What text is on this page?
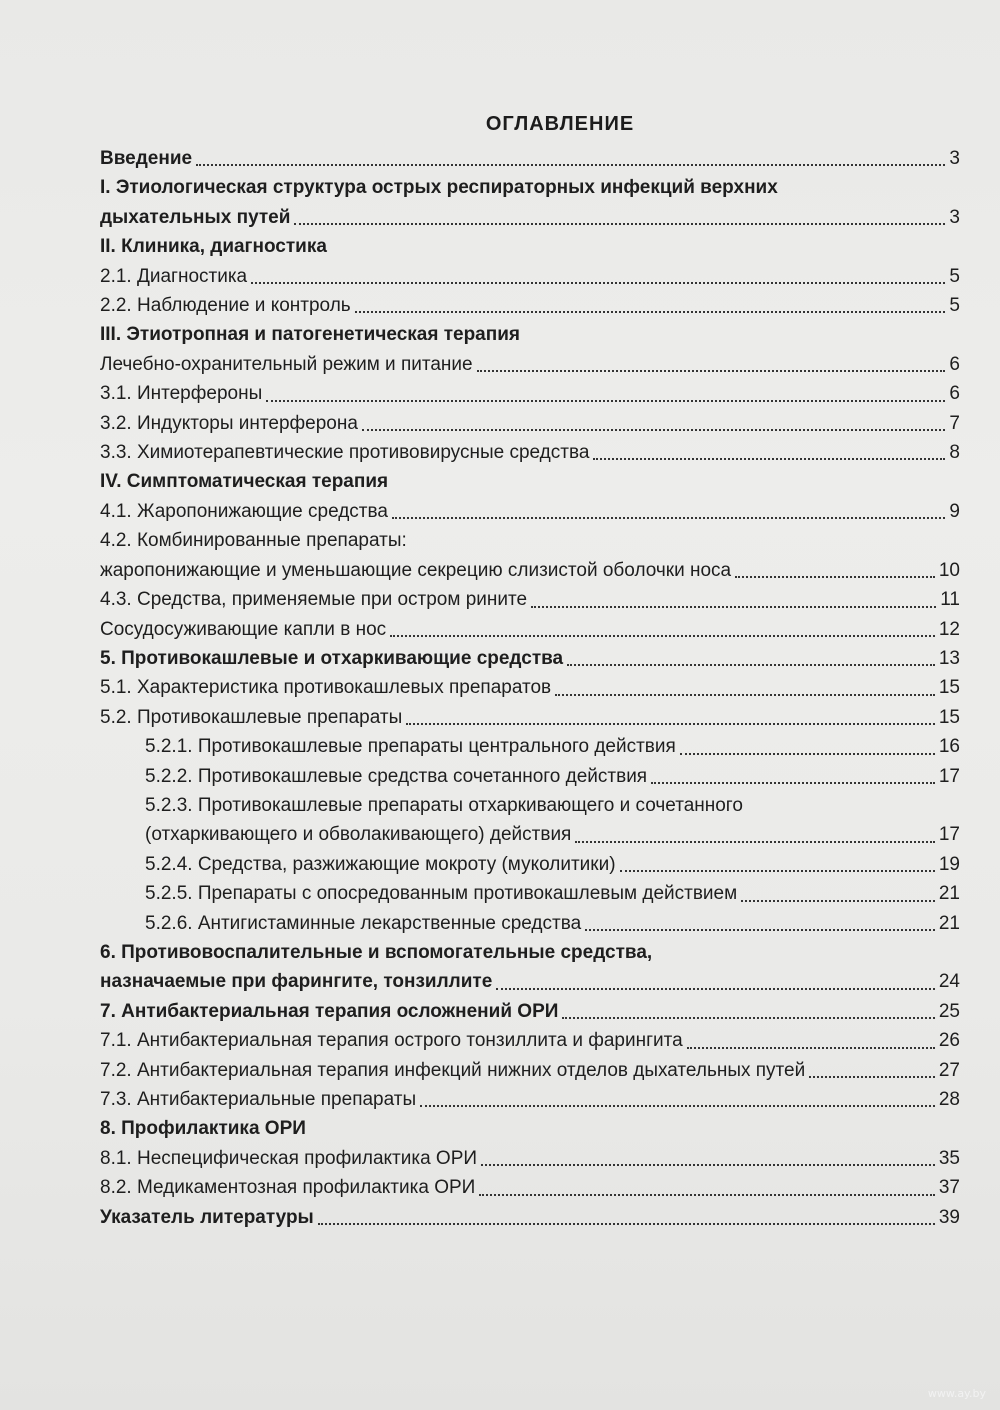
ОГЛАВЛЕНИЕ
Введение	3
I. Этиологическая структура острых респираторных инфекций верхних
дыхательных путей	3
II. Клиника, диагностика
2.1. Диагностика	5
2.2. Наблюдение и контроль	5
III. Этиотропная и патогенетическая терапия
Лечебно-охранительный режим и питание	6
3.1. Интерфероны	6
3.2. Индукторы интерферона	7
3.3. Химиотерапевтические противовирусные средства	8
IV. Симптоматическая терапия
4.1. Жаропонижающие средства	9
4.2. Комбинированные препараты:
жаропонижающие и уменьшающие секрецию слизистой оболочки носа	10
4.3. Средства, применяемые при остром рините	11
Сосудосуживающие капли в нос	12
5. Противокашлевые и отхаркивающие средства	13
5.1. Характеристика противокашлевых препаратов	15
5.2. Противокашлевые препараты	15
5.2.1. Противокашлевые препараты центрального действия	16
5.2.2. Противокашлевые средства сочетанного действия	17
5.2.3. Противокашлевые препараты отхаркивающего и сочетанного
(отхаркивающего и обволакивающего) действия	17
5.2.4. Средства, разжижающие мокроту (муколитики)	19
5.2.5. Препараты с опосредованным противокашлевым действием	21
5.2.6. Антигистаминные лекарственные средства	21
6. Противовоспалительные и вспомогательные средства,
назначаемые при фарингите, тонзиллите	24
7. Антибактериальная терапия осложнений ОРИ	25
7.1. Антибактериальная терапия острого тонзиллита и фарингита	26
7.2. Антибактериальная терапия инфекций нижних отделов дыхательных путей	27
7.3. Антибактериальные препараты	28
8. Профилактика ОРИ
8.1. Неспецифическая профилактика ОРИ	35
8.2. Медикаментозная профилактика ОРИ	37
Указатель литературы	39
www.ay.by
